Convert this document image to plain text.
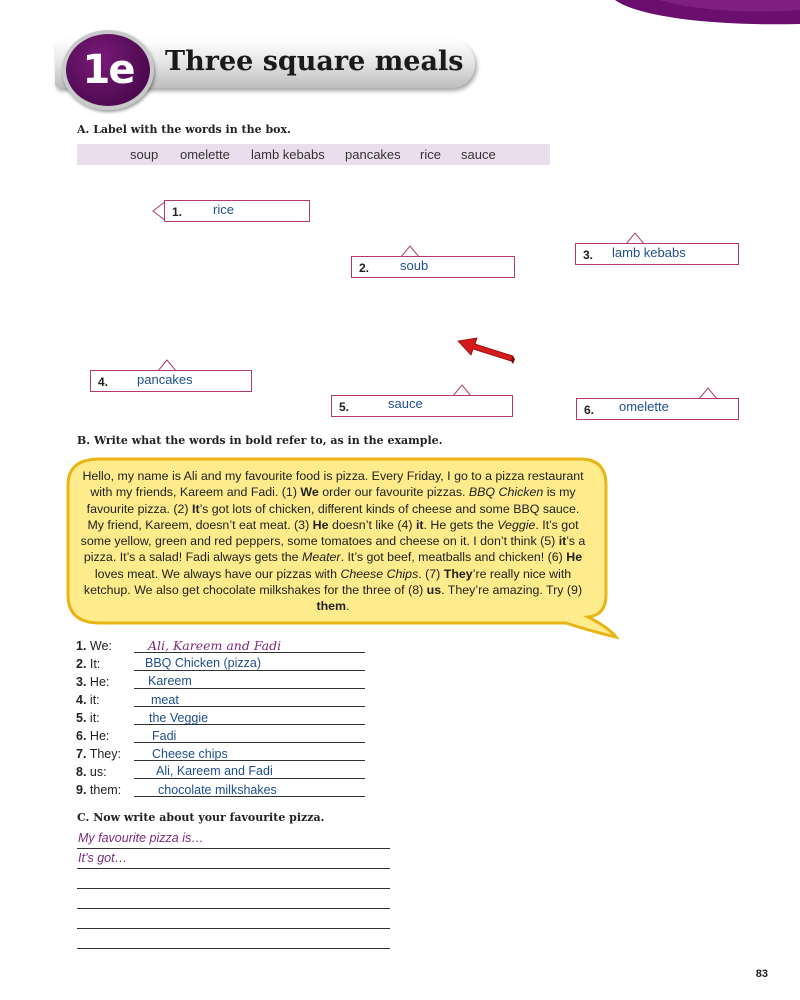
1e Three square meals
A. Label with the words in the box.
soup omelette lamb kebabs pancakes rice sauce
1. rice
2. soub
3. lamb kebabs
4. pancakes
5.	sauce	6. omelette
B. Write what the words in bold refer to, as in the example.
Hello, my name is Ali and my favourite food is pizza. Every Friday, I go to a pizza restaurant with my friends, Kareem and Fadi. (1) We order our favourite pizzas. BBQ Chicken is my favourite pizza. (2) It’s got lots of chicken, different kinds of cheese and some BBQ sauce. My friend, Kareem, doesn’t eat meat. (3) He doesn’t like (4) it. He gets the Veggie. It’s got some yellow, green and red peppers, some tomatoes and cheese on it. I don’t think (5) it’s a pizza. It’s a salad! Fadi always gets the Meater. It’s got beef, meatballs and chicken! (6) He loves meat. We always have our pizzas with Cheese Chips. (7) They’re really nice with ketchup. We also get chocolate milkshakes for the three of (8) us. They’re amazing. Try (9) them.
1. We:	Ali, Kareem and Fadi
2. It:	BBQ Chicken (pizza)
3. He:	Kareem
4. it:	meat
5. it:	the Veggie
6. He:	Fadi
7. They: Cheese chips
8. us:	Ali, Kareem and Fadi
9. them:	chocolate milkshakes
C. Now write about your favourite pizza.
My favourite pizza is…
It’s got…
83
